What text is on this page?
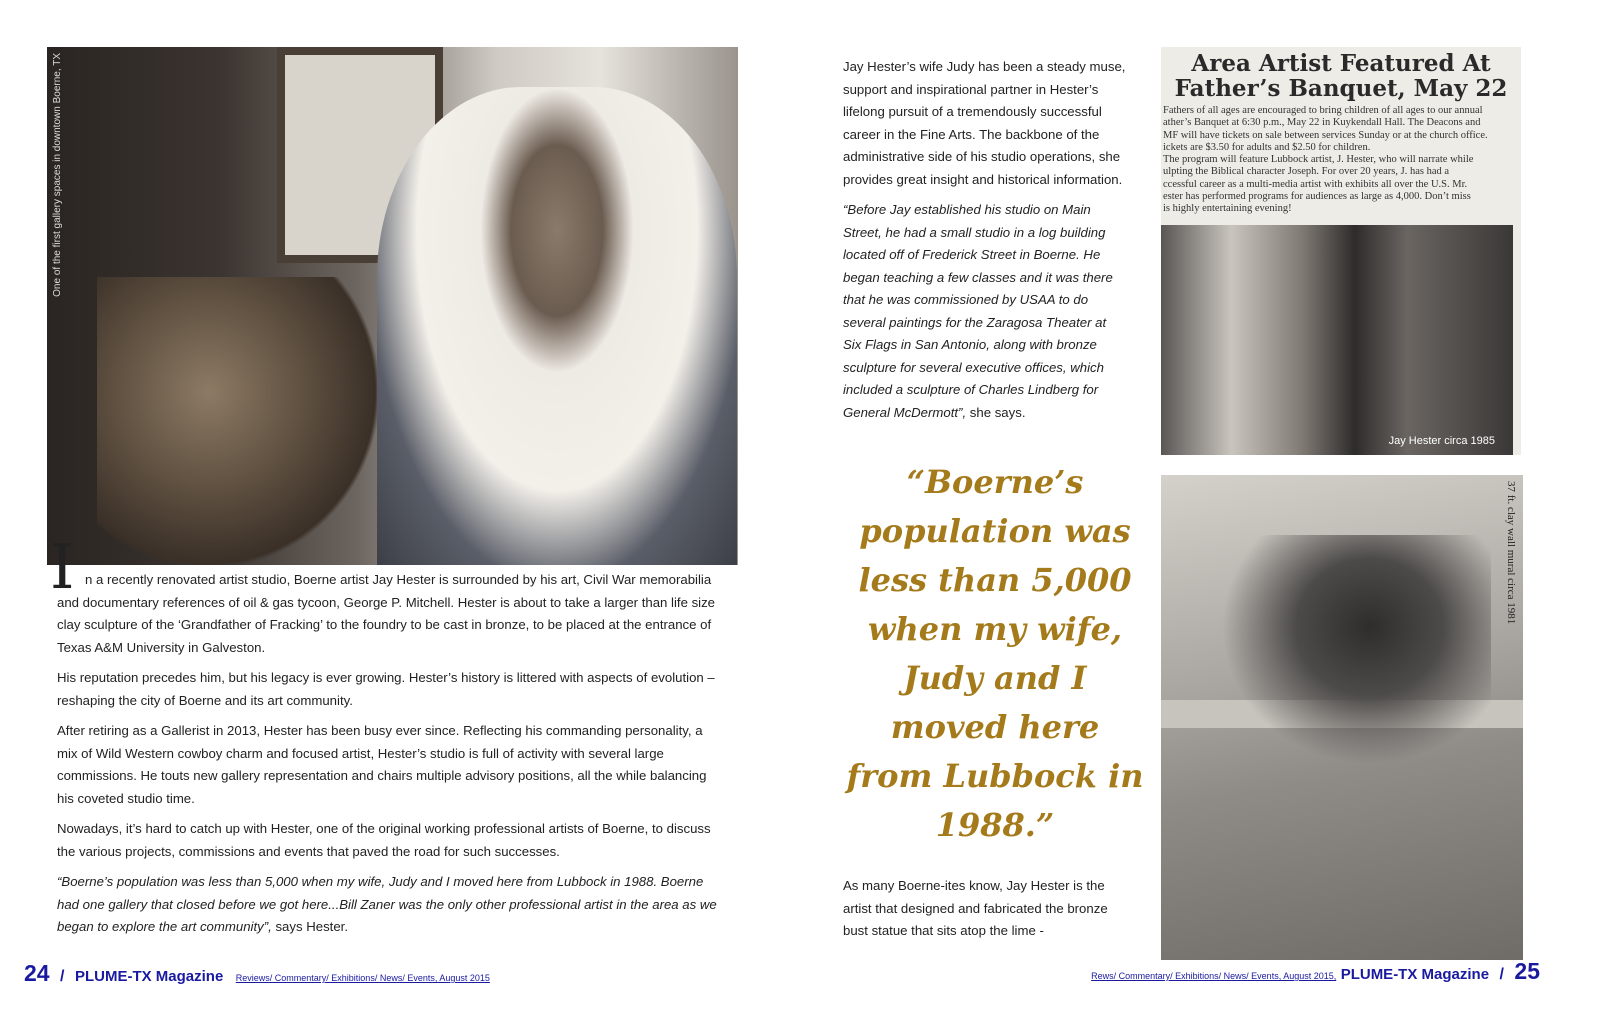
One of the first gallery spaces in downtown Boerne, TX
I n a recently renovated artist studio, Boerne artist Jay Hester is surrounded by his art, Civil War memorabilia and documentary references of oil & gas tycoon, George P. Mitchell. Hester is about to take a larger than life size clay sculpture of the ‘Grandfather of Fracking’ to the foundry to be cast in bronze, to be placed at the entrance of Texas A&M University in Galveston.

His reputation precedes him, but his legacy is ever growing. Hester’s history is littered with aspects of evolution – reshaping the city of Boerne and its art community.

After retiring as a Gallerist in 2013, Hester has been busy ever since. Reflecting his commanding personality, a mix of Wild Western cowboy charm and focused artist, Hester’s studio is full of activity with several large commissions. He touts new gallery representation and chairs multiple advisory positions, all the while balancing his coveted studio time.

Nowadays, it’s hard to catch up with Hester, one of the original working professional artists of Boerne, to discuss the various projects, commissions and events that paved the road for such successes.

“Boerne’s population was less than 5,000 when my wife, Judy and I moved here from Lubbock in 1988. Boerne had one gallery that closed before we got here...Bill Zaner was the only other professional artist in the area as we began to explore the art community”, says Hester.

24 / PLUME-TX Magazine Reviews/ Commentary/ Exhibitions/ News/ Events, August 2015

Jay Hester’s wife Judy has been a steady muse, support and inspirational partner in Hester’s lifelong pursuit of a tremendously successful career in the Fine Arts. The backbone of the administrative side of his studio operations, she provides great insight and historical information.

“Before Jay established his studio on Main Street, he had a small studio in a log building located off of Frederick Street in Boerne. He began teaching a few classes and it was there that he was commissioned by USAA to do several paintings for the Zaragosa Theater at Six Flags in San Antonio, along with bronze sculpture for several executive offices, which included a sculpture of Charles Lindberg for General McDermott”, she says.

“Boerne’s population was less than 5,000 when my wife, Judy and I moved here from Lubbock in 1988.”
As many Boerne-ites know, Jay Hester is the artist that designed and fabricated the bronze bust statue that sits atop the lime -
Area Artist Featured At Father’s Banquet, May 22
Fathers of all ages are encouraged to bring children of all ages to our annual
ather’s Banquet at 6:30 p.m., May 22 in Kuykendall Hall. The Deacons and
MF will have tickets on sale between services Sunday or at the church office.
ickets are $3.50 for adults and $2.50 for children.
The program will feature Lubbock artist, J. Hester, who will narrate while
ulpting the Biblical character Joseph. For over 20 years, J. has had a
ccessful career as a multi-media artist with exhibits all over the U.S. Mr.
ester has performed programs for audiences as large as 4,000. Don’t miss
is highly entertaining evening!
Jay Hester circa 1985
37 ft. clay wall mural circa 1981
Rews/ Commentary/ Exhibitions/ News/ Events, August 2015, PLUME-TX Magazine / 25
